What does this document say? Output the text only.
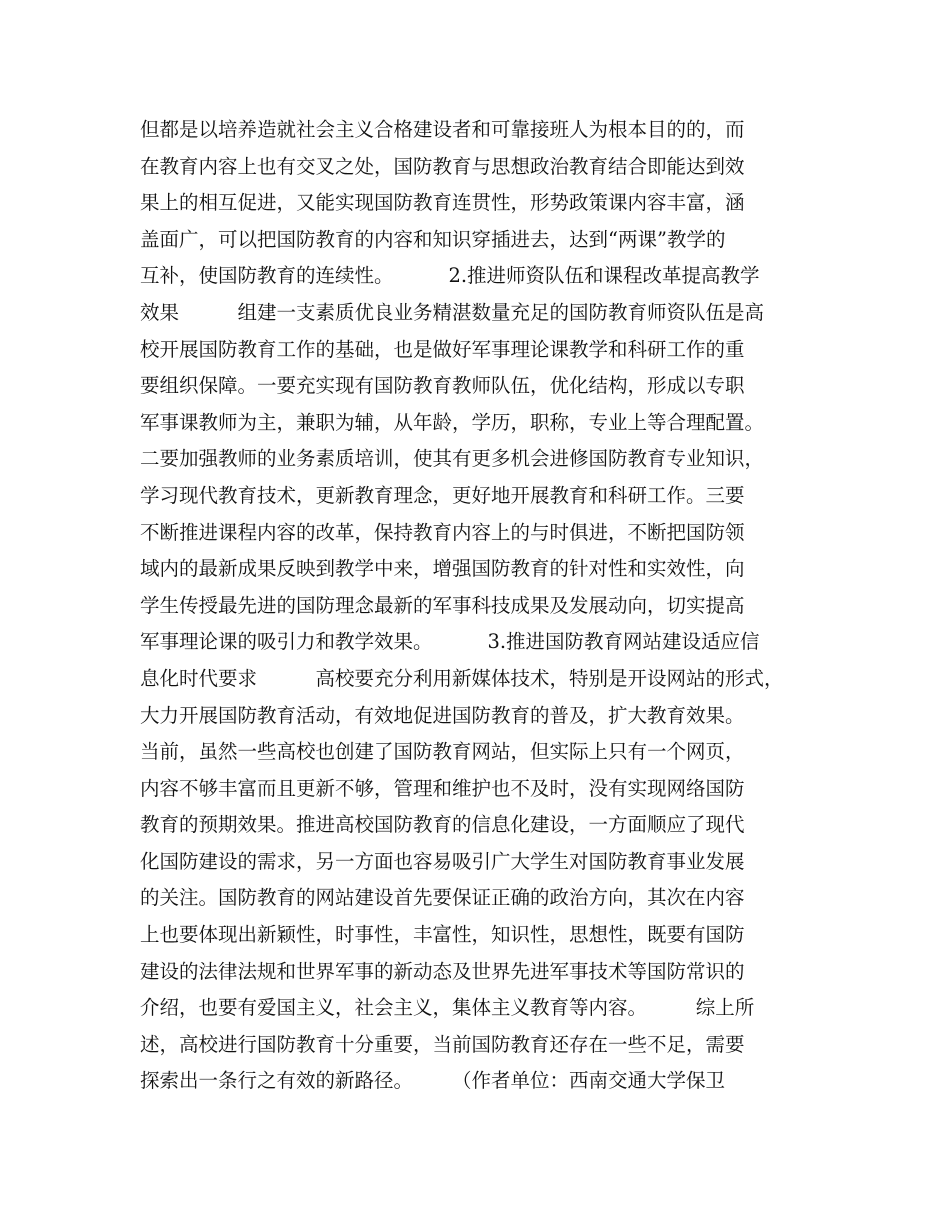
但都是以培养造就社会主义合格建设者和可靠接班人为根本目的的，而
在教育内容上也有交叉之处，国防教育与思想政治教育结合即能达到效
果上的相互促进，又能实现国防教育连贯性，形势政策课内容丰富，涵
盖面广，可以把国防教育的内容和知识穿插进去，达到“两课”教学的
互补，使国防教育的连续性。　　　 2.推进师资队伍和课程改革提高教学
效果　　　组建一支素质优良业务精湛数量充足的国防教育师资队伍是高
校开展国防教育工作的基础，也是做好军事理论课教学和科研工作的重
要组织保障。一要充实现有国防教育教师队伍，优化结构，形成以专职
军事课教师为主，兼职为辅，从年龄，学历，职称，专业上等合理配置。
二要加强教师的业务素质培训，使其有更多机会进修国防教育专业知识，
学习现代教育技术，更新教育理念，更好地开展教育和科研工作。三要
不断推进课程内容的改革，保持教育内容上的与时俱进，不断把国防领
域内的最新成果反映到教学中来，增强国防教育的针对性和实效性，向
学生传授最先进的国防理念最新的军事科技成果及发展动向，切实提高
军事理论课的吸引力和教学效果。　　　 3.推进国防教育网站建设适应信
息化时代要求　　　高校要充分利用新媒体技术，特别是开设网站的形式，
大力开展国防教育活动，有效地促进国防教育的普及，扩大教育效果。
当前，虽然一些高校也创建了国防教育网站，但实际上只有一个网页，
内容不够丰富而且更新不够，管理和维护也不及时，没有实现网络国防
教育的预期效果。推进高校国防教育的信息化建设，一方面顺应了现代
化国防建设的需求，另一方面也容易吸引广大学生对国防教育事业发展
的关注。国防教育的网站建设首先要保证正确的政治方向，其次在内容
上也要体现出新颖性，时事性，丰富性，知识性，思想性，既要有国防
建设的法律法规和世界军事的新动态及世界先进军事技术等国防常识的
介绍，也要有爱国主义，社会主义，集体主义教育等内容。　　　综上所
述，高校进行国防教育十分重要，当前国防教育还存在一些不足，需要
探索出一条行之有效的新路径。　　　（作者单位：西南交通大学保卫
